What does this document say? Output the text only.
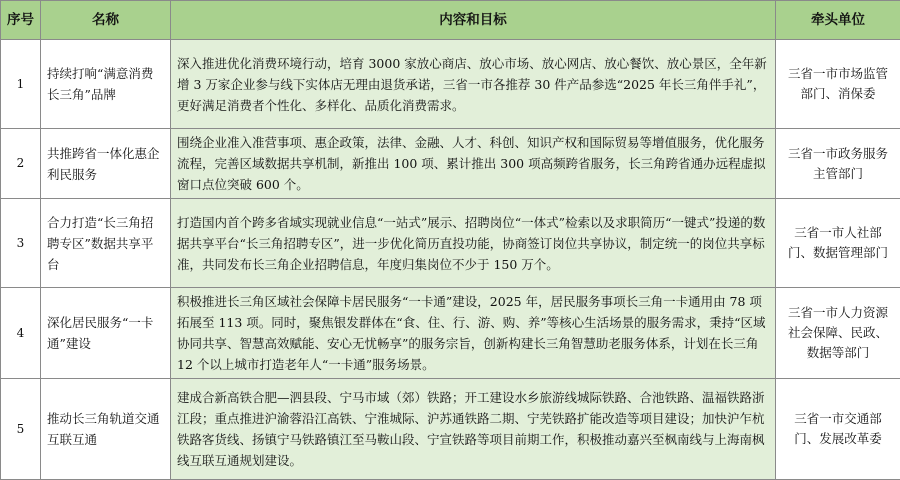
序号	名称	内容和目标	牵头单位
1	持续打响“满意消费长三角”品牌	深入推进优化消费环境行动，培育 3000 家放心商店、放心市场、放心网店、放心餐饮、放心景区，全年新增 3 万家企业参与线下实体店无理由退货承诺，三省一市各推荐 30 件产品参选“2025 年长三角伴手礼”，更好满足消费者个性化、多样化、品质化消费需求。	三省一市市场监管部门、消保委
2	共推跨省一体化惠企利民服务	围绕企业准入准营事项、惠企政策，法律、金融、人才、科创、知识产权和国际贸易等增值服务，优化服务流程，完善区域数据共享机制，新推出 100 项、累计推出 300 项高频跨省服务，长三角跨省通办远程虚拟窗口点位突破 600 个。	三省一市政务服务主管部门
3	合力打造“长三角招聘专区”数据共享平台	打造国内首个跨多省域实现就业信息“一站式”展示、招聘岗位“一体式”检索以及求职简历“一键式”投递的数据共享平台“长三角招聘专区”，进一步优化简历直投功能，协商签订岗位共享协议，制定统一的岗位共享标准，共同发布长三角企业招聘信息，年度归集岗位不少于 150 万个。	三省一市人社部门、数据管理部门
4	深化居民服务“一卡通”建设	积极推进长三角区域社会保障卡居民服务“一卡通”建设，2025 年，居民服务事项长三角一卡通用由 78 项拓展至 113 项。同时，聚焦银发群体在“食、住、行、游、购、养”等核心生活场景的服务需求，秉持“区域协同共享、智慧高效赋能、安心无忧畅享”的服务宗旨，创新构建长三角智慧助老服务体系，计划在长三角 12 个以上城市打造老年人“一卡通”服务场景。	三省一市人力资源社会保障、民政、数据等部门
5	推动长三角轨道交通互联互通	建成合新高铁合肥—泗县段、宁马市域（郊）铁路；开工建设水乡旅游线城际铁路、合池铁路、温福铁路浙江段；重点推进沪渝蓉沿江高铁、宁淮城际、沪苏通铁路二期、宁芜铁路扩能改造等项目建设；加快沪乍杭铁路客货线、扬镇宁马铁路镇江至马鞍山段、宁宣铁路等项目前期工作，积极推动嘉兴至枫南线与上海南枫线互联互通规划建设。	三省一市交通部门、发展改革委
